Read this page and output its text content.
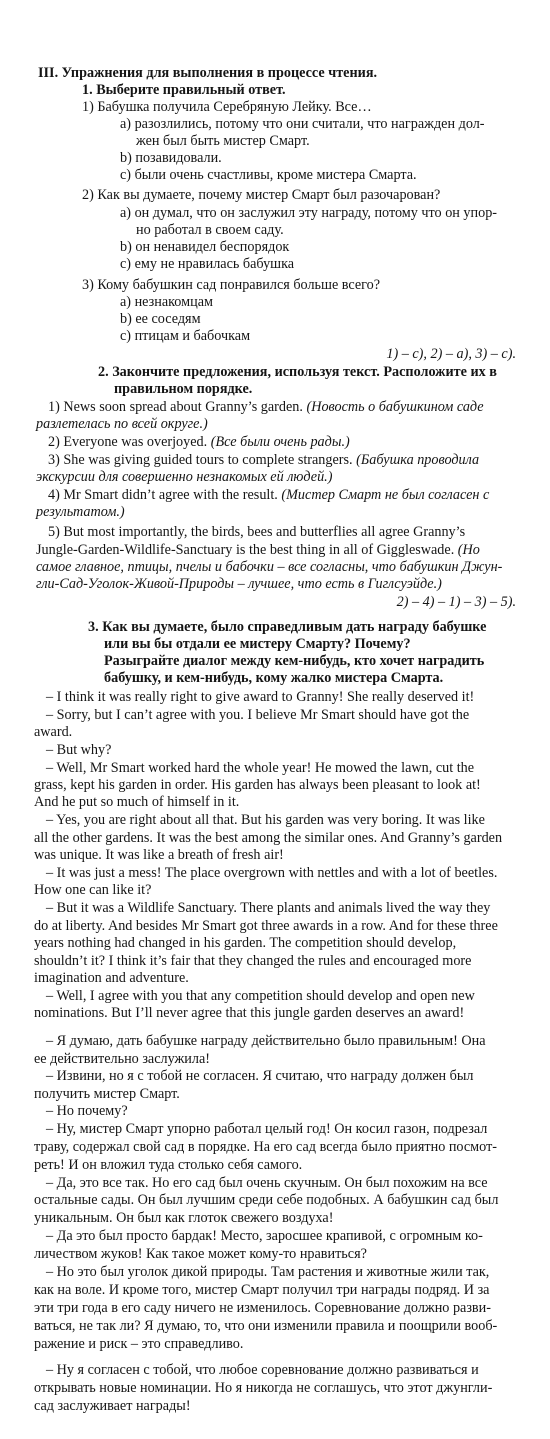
III. Упражнения для выполнения в процессе чтения.
1. Выберите правильный ответ.
1) Бабушка получила Серебряную Лейку. Все…
а) разозлились, потому что они считали, что награжден дол-
жен был быть мистер Смарт.
b) позавидовали.
с) были очень счастливы, кроме мистера Смарта.
2) Как вы думаете, почему мистер Смарт был разочарован?
а) он думал, что он заслужил эту награду, потому что он упор-
но работал в своем саду.
b) он ненавидел беспорядок
с) ему не нравилась бабушка
3) Кому бабушкин сад понравился больше всего?
а) незнакомцам
b) ее соседям
с) птицам и бабочкам
1) – с), 2) – а), 3) – с).
2. Закончите предложения, используя текст. Расположите их в
правильном порядке.
1) News soon spread about Granny’s garden. (Новость о бабушкином саде
разлетелась по всей округе.)
2) Everyone was overjoyed. (Все были очень рады.)
3) She was giving guided tours to complete strangers. (Бабушка проводила
экскурсии для совершенно незнакомых ей людей.)
4) Mr Smart didn’t agree with the result. (Мистер Смарт не был согласен с
результатом.)
5) But most importantly, the birds, bees and butterflies all agree Granny’s
Jungle-Garden-Wildlife-Sanctuary is the best thing in all of Giggleswade. (Но
самое главное, птицы, пчелы и бабочки – все согласны, что бабушкин Джун-
гли-Сад-Уголок-Живой-Природы – лучшее, что есть в Гиглсуэйде.)
2) – 4) – 1) – 3) – 5).
3. Как вы думаете, было справедливым дать награду бабушке
или вы бы отдали ее мистеру Смарту? Почему?
Разыграйте диалог между кем-нибудь, кто хочет наградить
бабушку, и кем-нибудь, кому жалко мистера Смарта.
– I think it was really right to give award to Granny! She really deserved it!
– Sorry, but I can’t agree with you. I believe Mr Smart should have got the
award.
– But why?
– Well, Mr Smart worked hard the whole year! He mowed the lawn, cut the
grass, kept his garden in order. His garden has always been pleasant to look at!
And he put so much of himself in it.
– Yes, you are right about all that. But his garden was very boring. It was like
all the other gardens. It was the best among the similar ones. And Granny’s garden
was unique. It was like a breath of fresh air!
– It was just a mess! The place overgrown with nettles and with a lot of beetles.
How one can like it?
– But it was a Wildlife Sanctuary. There plants and animals lived the way they
do at liberty. And besides Mr Smart got three awards in a row. And for these three
years nothing had changed in his garden. The competition should develop,
shouldn’t it? I think it’s fair that they changed the rules and encouraged more
imagination and adventure.
– Well, I agree with you that any competition should develop and open new
nominations. But I’ll never agree that this jungle garden deserves an award!
– Я думаю, дать бабушке награду действительно было правильным! Она
ее действительно заслужила!
– Извини, но я с тобой не согласен. Я считаю, что награду должен был
получить мистер Смарт.
– Но почему?
– Ну, мистер Смарт упорно работал целый год! Он косил газон, подрезал
траву, содержал свой сад в порядке. На его сад всегда было приятно посмот-
реть! И он вложил туда столько себя самого.
– Да, это все так. Но его сад был очень скучным. Он был похожим на все
остальные сады. Он был лучшим среди себе подобных. А бабушкин сад был
уникальным. Он был как глоток свежего воздуха!
– Да это был просто бардак! Место, заросшее крапивой, с огромным ко-
личеством жуков! Как такое может кому-то нравиться?
– Но это был уголок дикой природы. Там растения и животные жили так,
как на воле. И кроме того, мистер Смарт получил три награды подряд. И за
эти три года в его саду ничего не изменилось. Соревнование должно разви-
ваться, не так ли? Я думаю, то, что они изменили правила и поощрили вооб-
ражение и риск – это справедливо.
– Ну я согласен с тобой, что любое соревнование должно развиваться и
открывать новые номинации. Но я никогда не соглашусь, что этот джунгли-
сад заслуживает награды!
